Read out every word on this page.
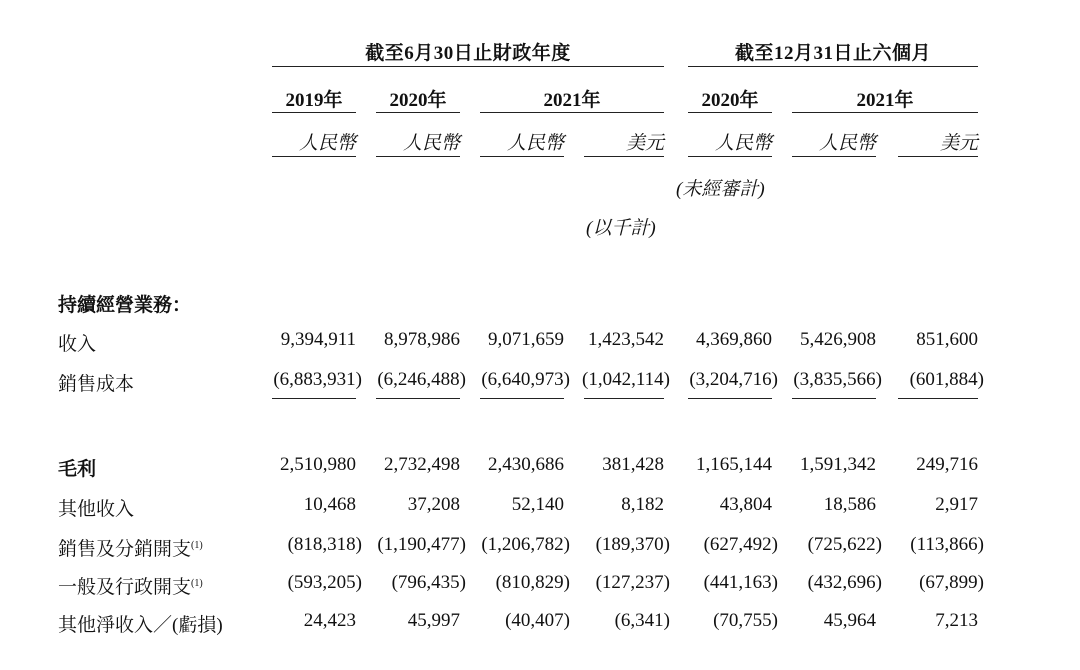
截至6月30日止財政年度	截至12月31日止六個月
2019年	2020年	2021年	2020年	2021年
人民幣	人民幣	人民幣	美元	人民幣	人民幣	美元
(未經審計)
(以千計)
持續經營業務：
收入	9,394,911	8,978,986	9,071,659	1,423,542	4,369,860	5,426,908	851,600
銷售成本	(6,883,931) (6,246,488) (6,640,973) (1,042,114)	(3,204,716) (3,835,566)	(601,884)
毛利	2,510,980	2,732,498	2,430,686	381,428	1,165,144	1,591,342	249,716
其他收入	10,468	37,208	52,140	8,182	43,804	18,586	2,917
銷售及分銷開支$^{(1)}$	(818,318) (1,190,477) (1,206,782)	(189,370)	(627,492)	(725,622)	(113,866)
一般及行政開支$^{(1)}$	(593,205)	(796,435)	(810,829)	(127,237)	(441,163)	(432,696)	(67,899)
其他淨收入／(虧損)	24,423	45,997	(40,407)	(6,341)	(70,755)	45,964	7,213
